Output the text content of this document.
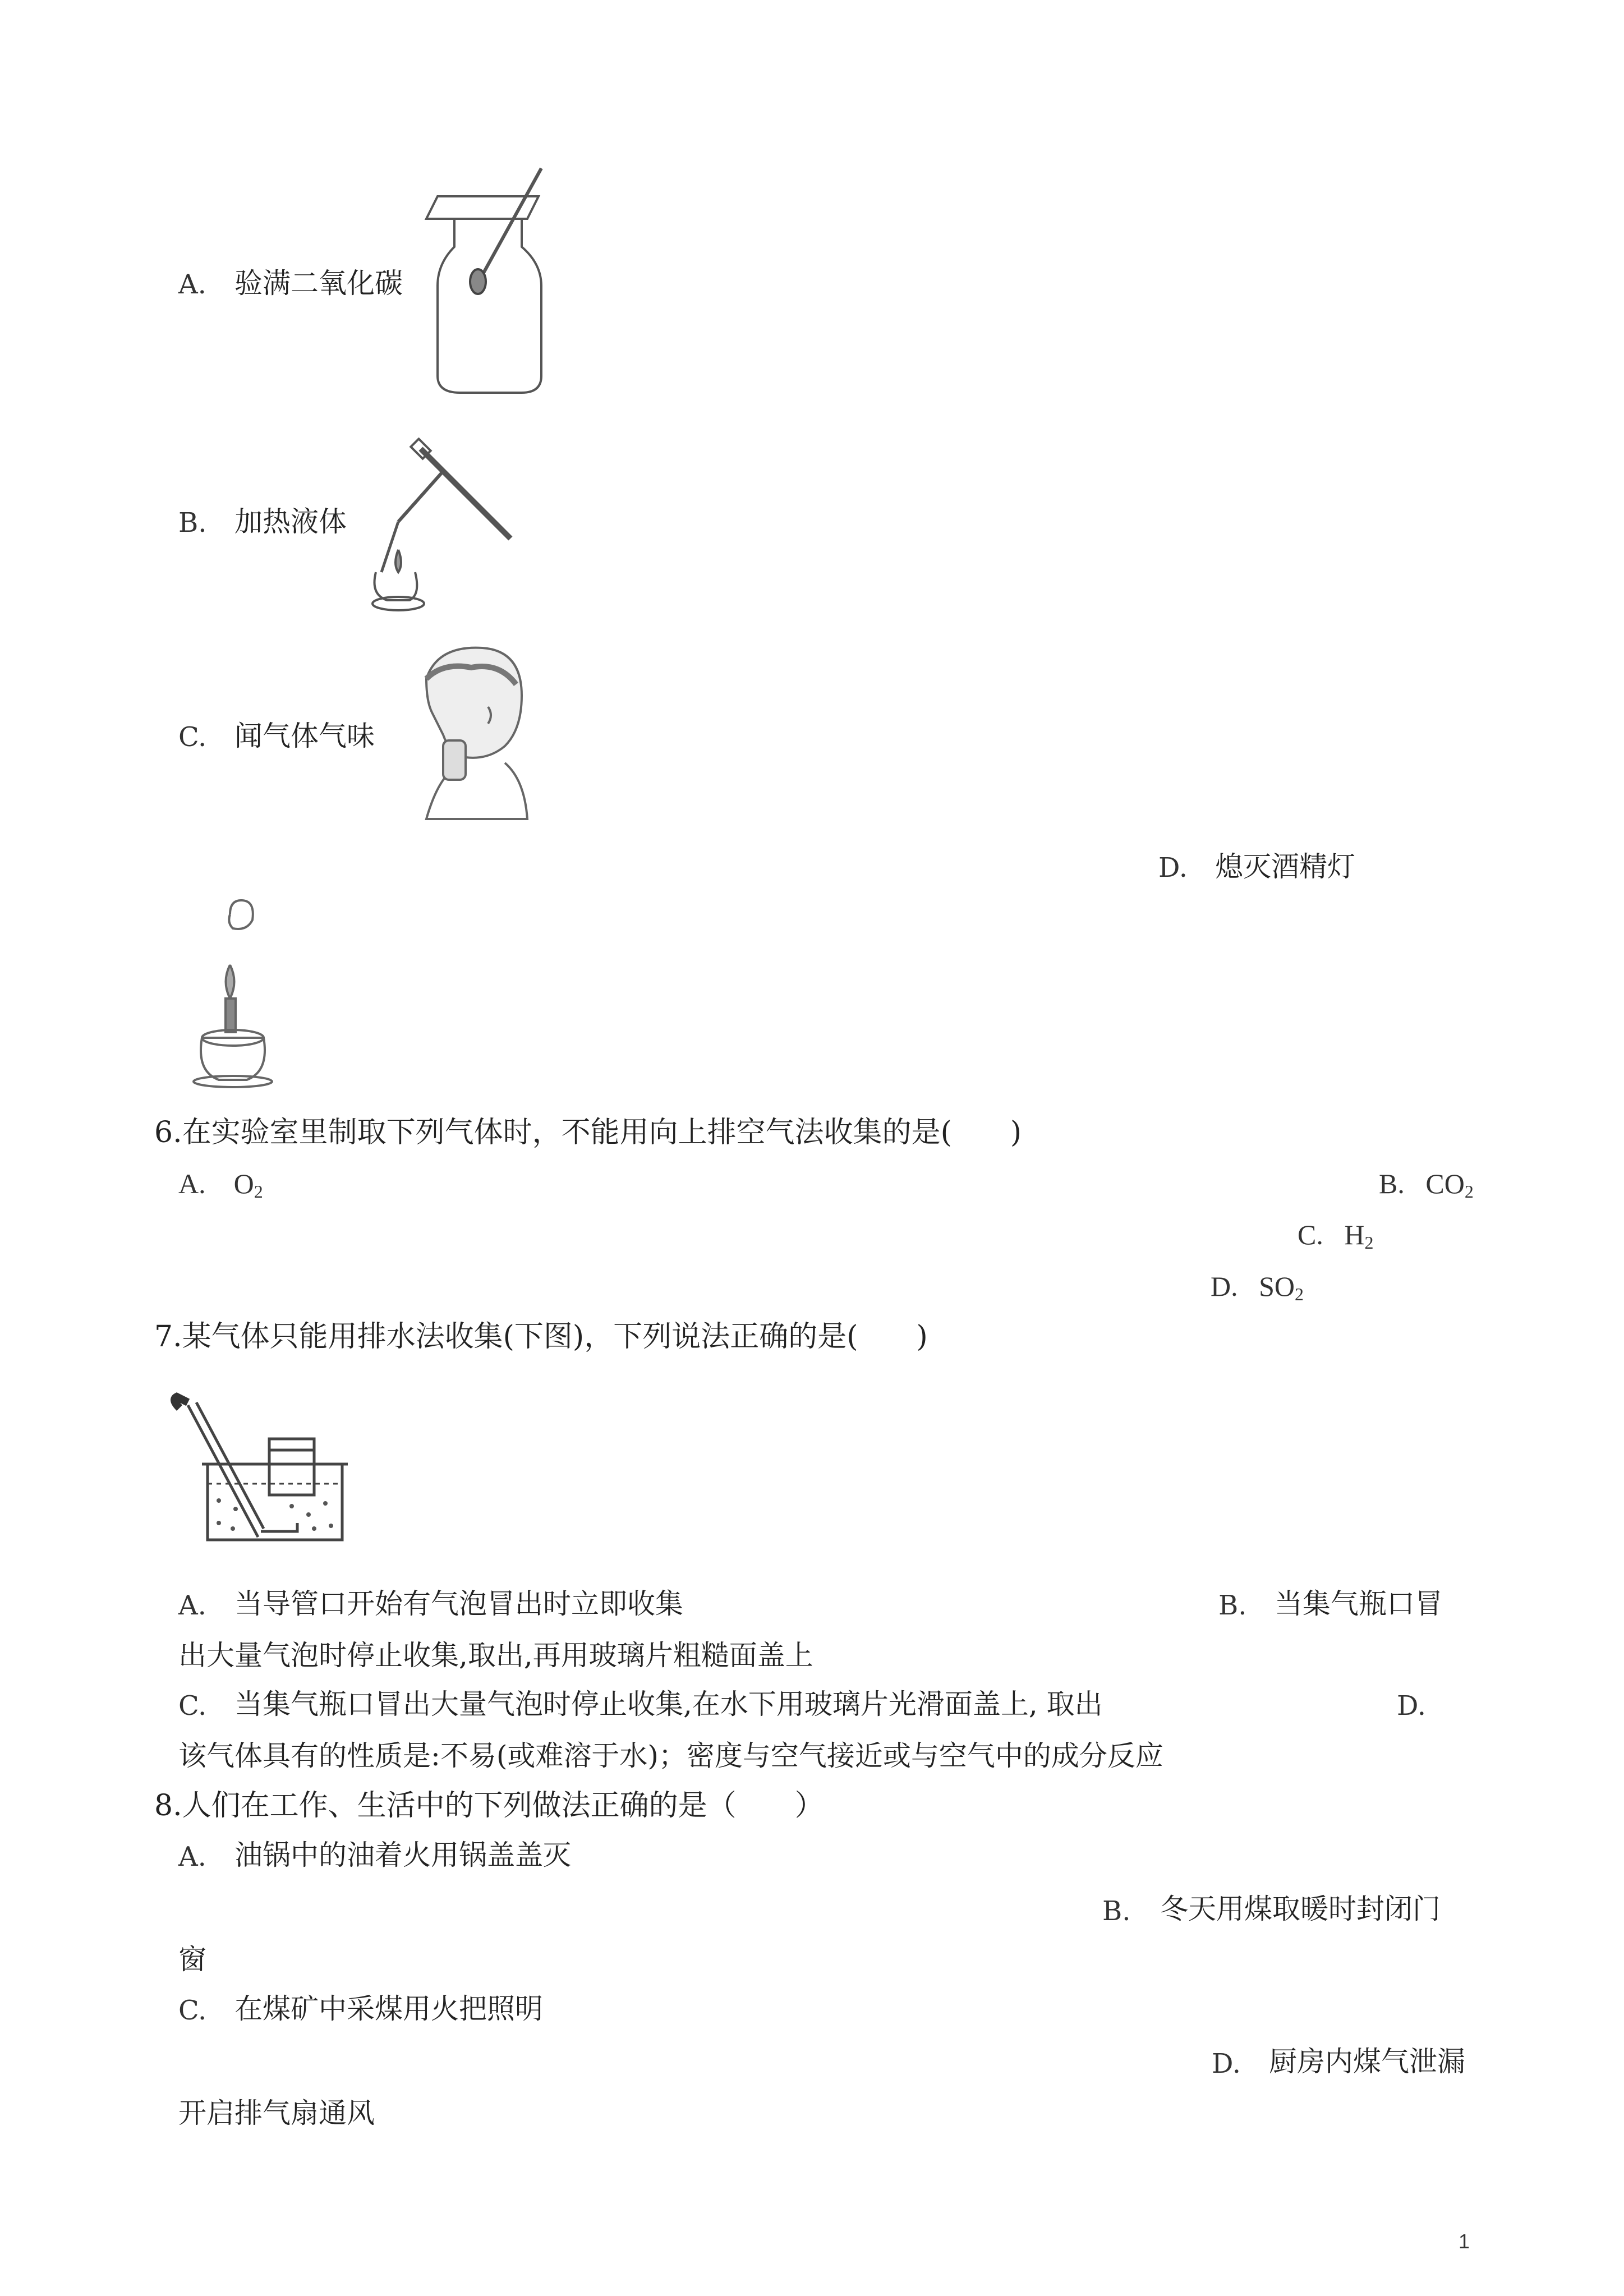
A. 验满二氧化碳
B. 加热液体
C. 闻气体气味
D. 熄灭酒精灯
6.在实验室里制取下列气体时，不能用向上排空气法收集的是(　　)
A. $O_2$	B. $CO_2$
C. $H_2$
D. $SO_2$
7.某气体只能用排水法收集(下图)，下列说法正确的是(　　)
A. 当导管口开始有气泡冒出时立即收集	B. 当集气瓶口冒
出大量气泡时停止收集,取出,再用玻璃片粗糙面盖上
C. 当集气瓶口冒出大量气泡时停止收集,在水下用玻璃片光滑面盖上, 取出	D.
该气体具有的性质是:不易(或难溶于水)；密度与空气接近或与空气中的成分反应
8.人们在工作、生活中的下列做法正确的是（　　）
A. 油锅中的油着火用锅盖盖灭
B. 冬天用煤取暖时封闭门
窗
C. 在煤矿中采煤用火把照明
D. 厨房内煤气泄漏
开启排气扇通风
1
